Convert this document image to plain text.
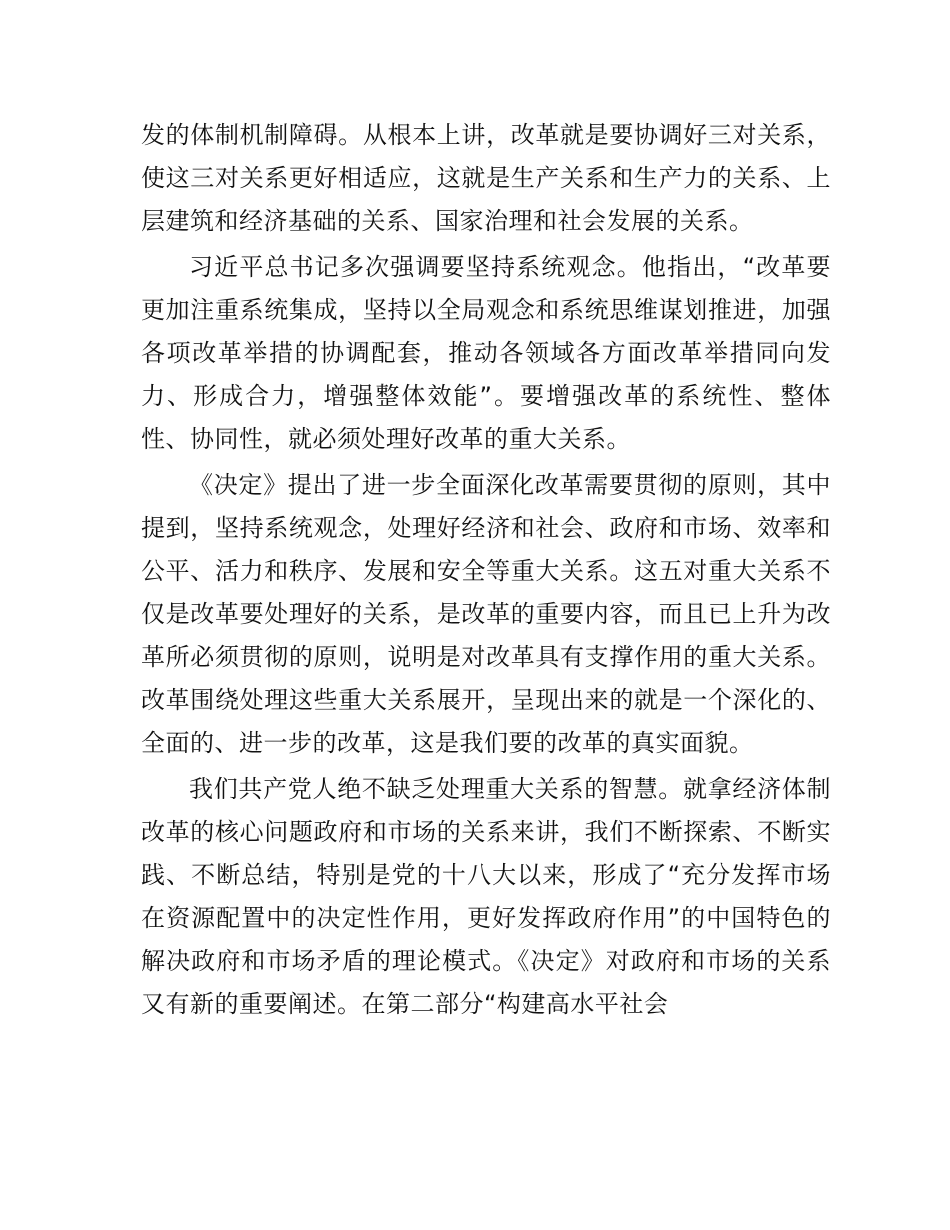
发的体制机制障碍。从根本上讲，改革就是要协调好三对关系，使这三对关系更好相适应，这就是生产关系和生产力的关系、上层建筑和经济基础的关系、国家治理和社会发展的关系。

习近平总书记多次强调要坚持系统观念。他指出，“改革要更加注重系统集成，坚持以全局观念和系统思维谋划推进，加强各项改革举措的协调配套，推动各领域各方面改革举措同向发力、形成合力，增强整体效能”。要增强改革的系统性、整体性、协同性，就必须处理好改革的重大关系。

《决定》提出了进一步全面深化改革需要贯彻的原则，其中提到，坚持系统观念，处理好经济和社会、政府和市场、效率和公平、活力和秩序、发展和安全等重大关系。这五对重大关系不仅是改革要处理好的关系，是改革的重要内容，而且已上升为改革所必须贯彻的原则，说明是对改革具有支撑作用的重大关系。改革围绕处理这些重大关系展开，呈现出来的就是一个深化的、全面的、进一步的改革，这是我们要的改革的真实面貌。

我们共产党人绝不缺乏处理重大关系的智慧。就拿经济体制改革的核心问题政府和市场的关系来讲，我们不断探索、不断实践、不断总结，特别是党的十八大以来，形成了“充分发挥市场在资源配置中的决定性作用，更好发挥政府作用”的中国特色的解决政府和市场矛盾的理论模式。《决定》对政府和市场的关系又有新的重要阐述。在第二部分“构建高水平社会
